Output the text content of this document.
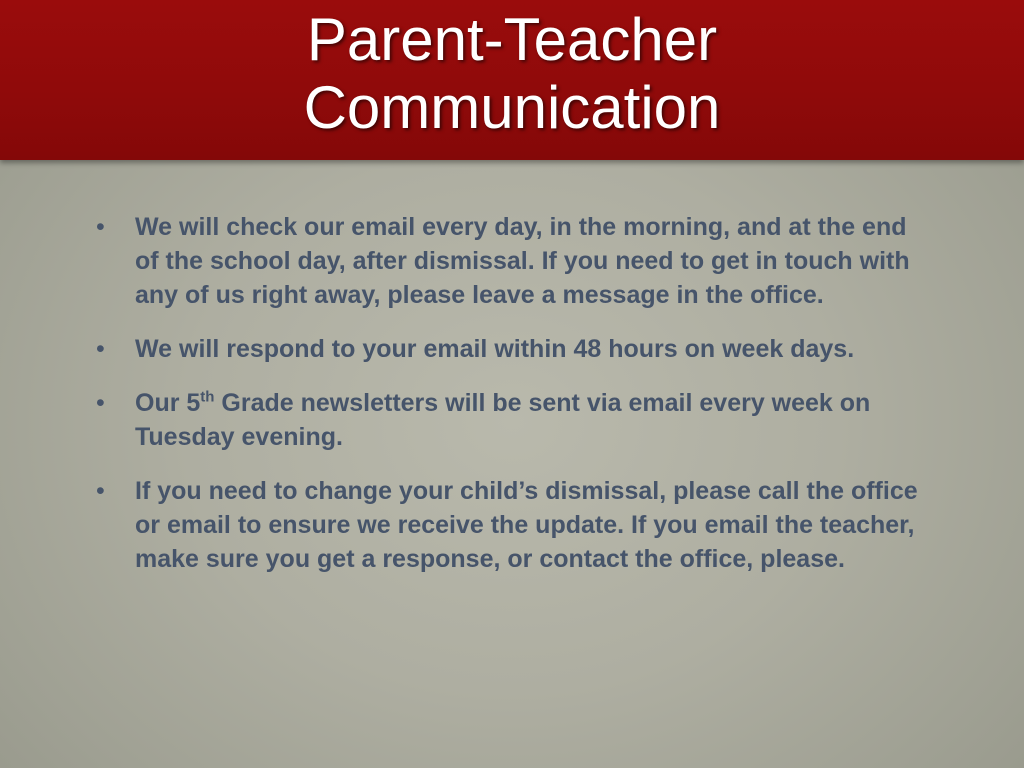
Parent-Teacher
Communication
• We will check our email every day, in the morning, and at the end of the school day, after dismissal. If you need to get in touch with any of us right away, please leave a message in the office.
• We will respond to your email within 48 hours on week days.
• Our 5th Grade newsletters will be sent via email every week on Tuesday evening.
• If you need to change your child’s dismissal, please call the office or email to ensure we receive the update. If you email the teacher, make sure you get a response, or contact the office, please.
